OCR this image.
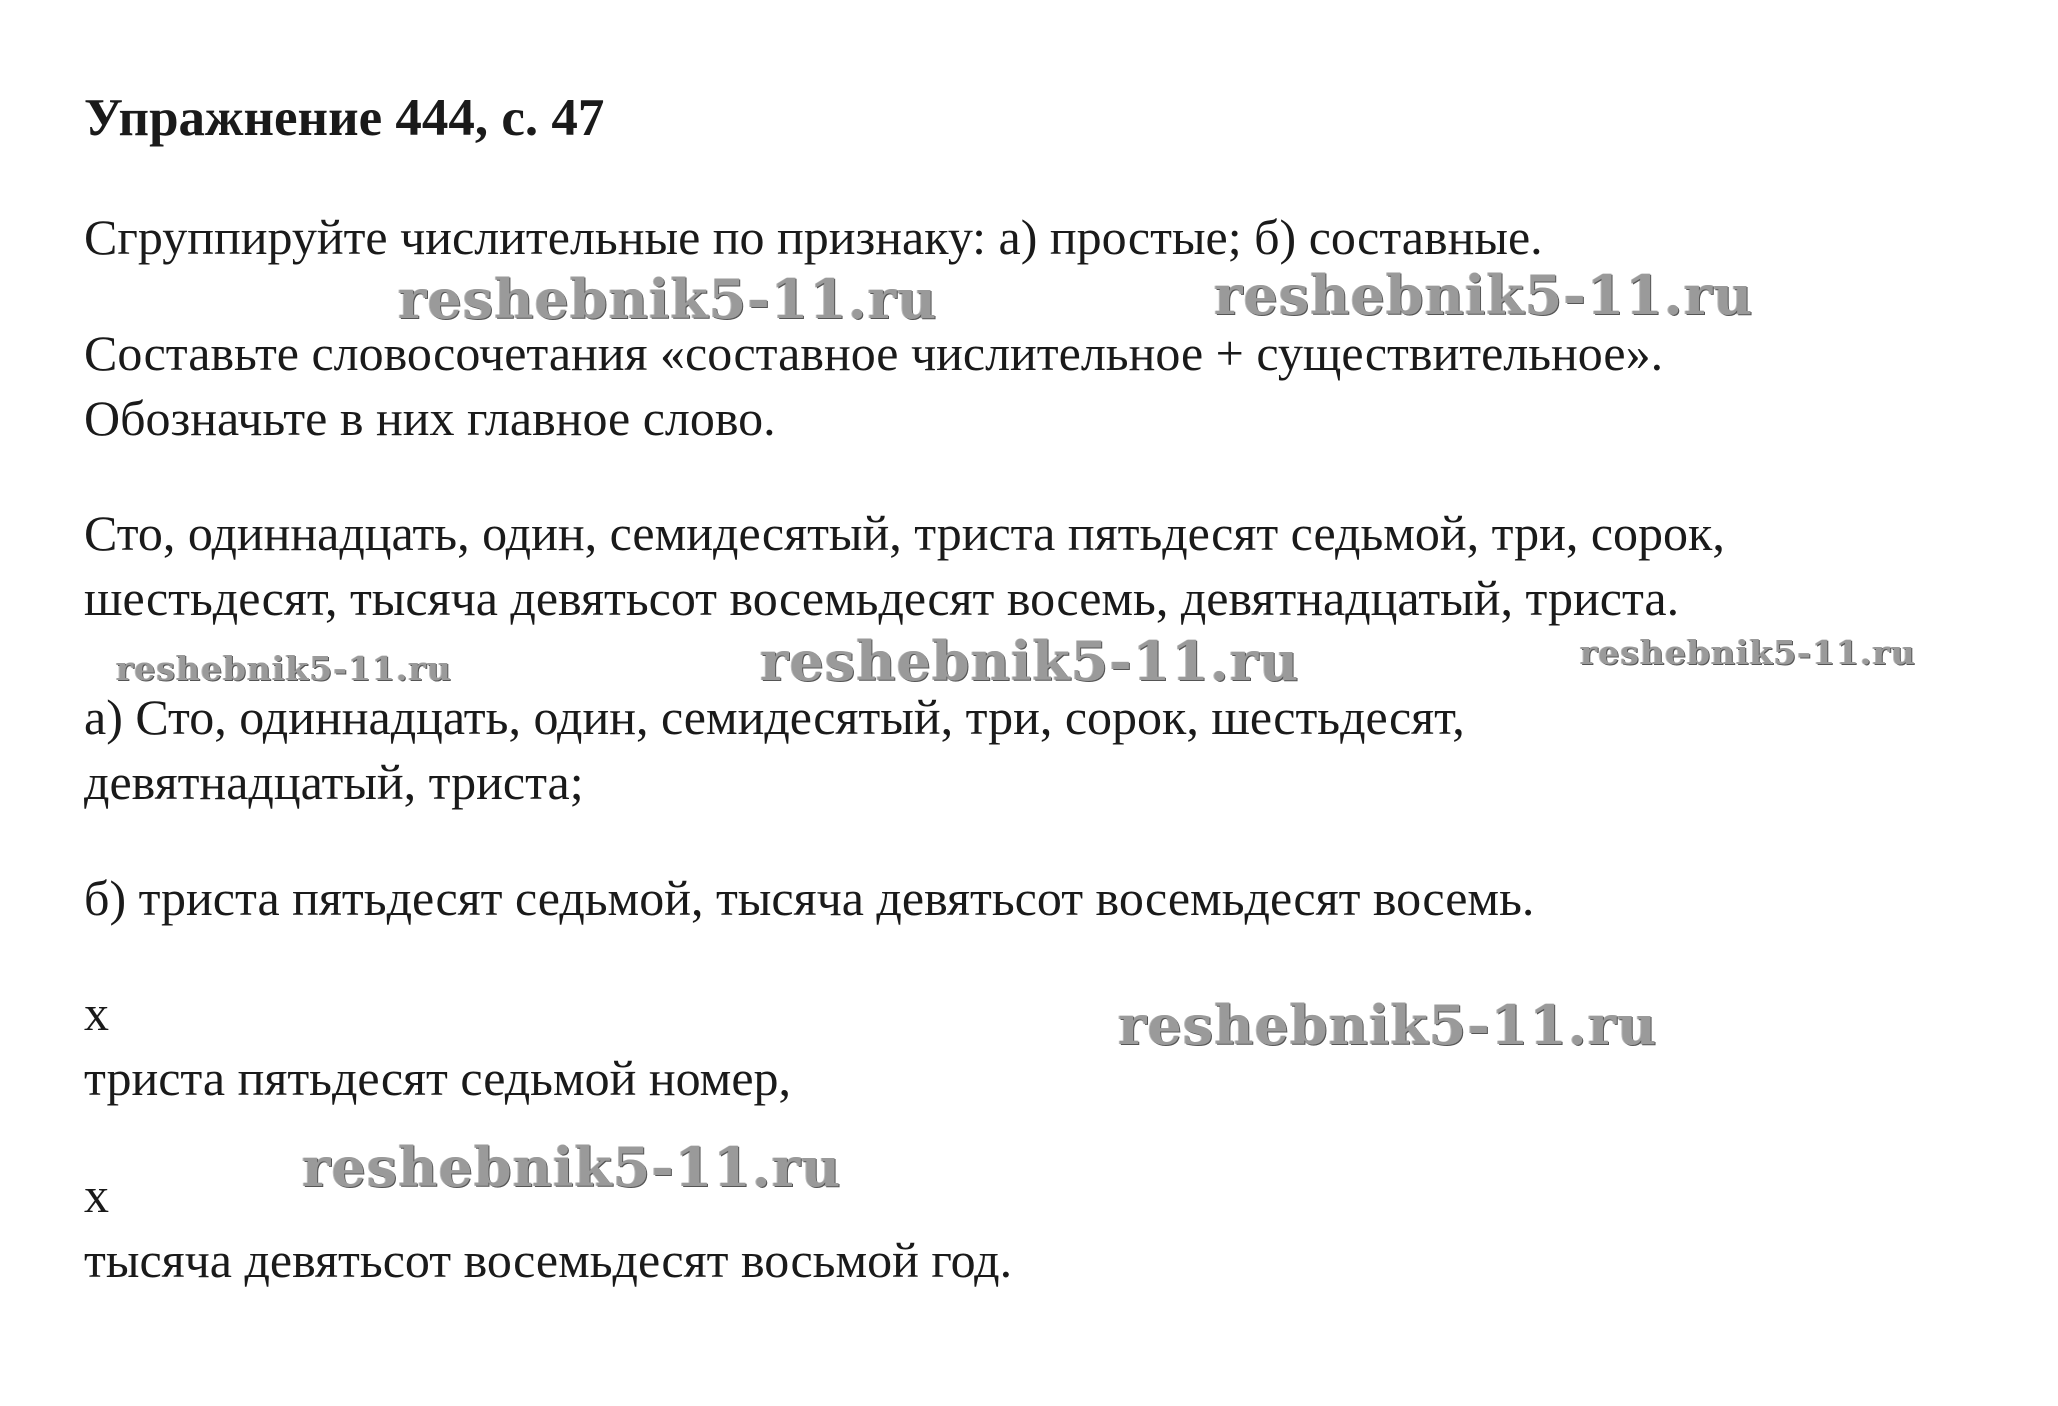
Упражнение 444, с. 47
Сгруппируйте числительные по признаку: а) простые; б) составные.
Составьте словосочетания «составное числительное + существительное».
Обозначьте в них главное слово.
Сто, одиннадцать, один, семидесятый, триста пятьдесят седьмой, три, сорок,
шестьдесят, тысяча девятьсот восемьдесят восемь, девятнадцатый, триста.
а) Сто, одиннадцать, один, семидесятый, три, сорок, шестьдесят,
девятнадцатый, триста;
б) триста пятьдесят седьмой, тысяча девятьсот восемьдесят восемь.
x
триста пятьдесят седьмой номер,
x
тысяча девятьсот восемьдесят восьмой год.
reshebnik5-11.ru	reshebnik5-11.ru
reshebnik5-11.ru	reshebnik5-11.ru	reshebnik5-11.ru
reshebnik5-11.ru
reshebnik5-11.ru
